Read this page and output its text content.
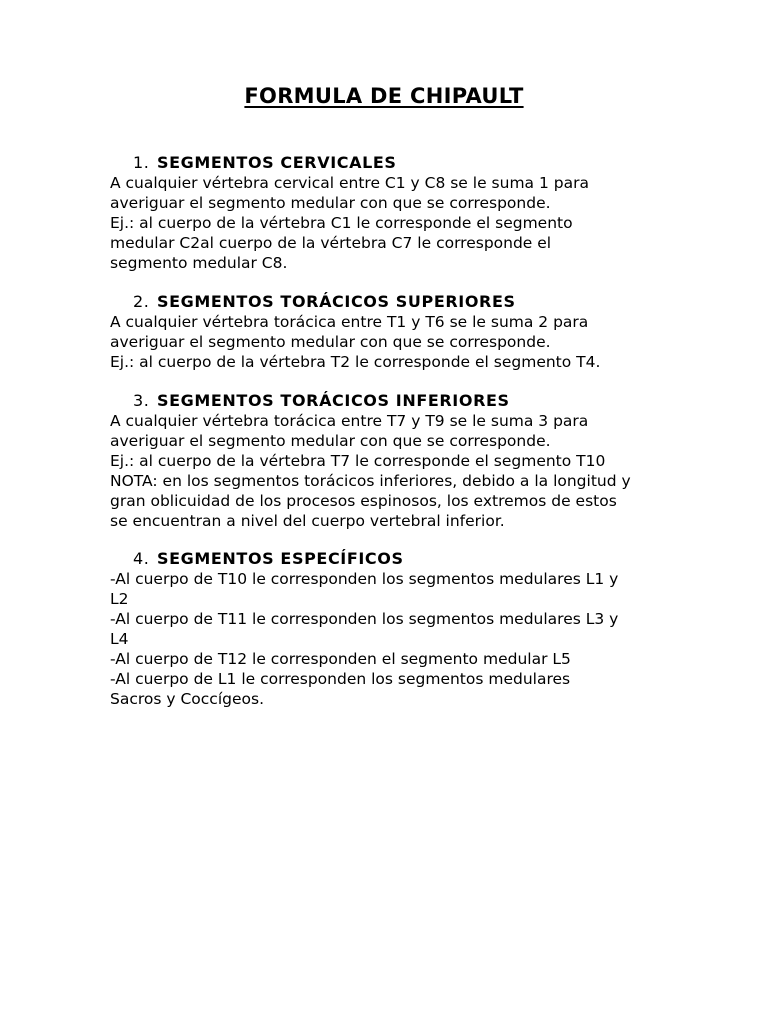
FORMULA DE CHIPAULT
1. SEGMENTOS CERVICALES
A cualquier vértebra cervical entre C1 y C8 se le suma 1 para
averiguar el segmento medular con que se corresponde.
Ej.: al cuerpo de la vértebra C1 le corresponde el segmento
medular C2al cuerpo de la vértebra C7 le corresponde el
segmento medular C8.
2. SEGMENTOS TORÁCICOS SUPERIORES
A cualquier vértebra torácica entre T1 y T6 se le suma 2 para
averiguar el segmento medular con que se corresponde.
Ej.: al cuerpo de la vértebra T2 le corresponde el segmento T4.
3. SEGMENTOS TORÁCICOS INFERIORES
A cualquier vértebra torácica entre T7 y T9 se le suma 3 para
averiguar el segmento medular con que se corresponde.
Ej.: al cuerpo de la vértebra T7 le corresponde el segmento T10
NOTA: en los segmentos torácicos inferiores, debido a la longitud y
gran oblicuidad de los procesos espinosos, los extremos de estos
se encuentran a nivel del cuerpo vertebral inferior.
4. SEGMENTOS ESPECÍFICOS
-Al cuerpo de T10 le corresponden los segmentos medulares L1 y
L2
-Al cuerpo de T11 le corresponden los segmentos medulares L3 y
L4
-Al cuerpo de T12 le corresponden el segmento medular L5
-Al cuerpo de L1 le corresponden los segmentos medulares
Sacros y Coccígeos.
